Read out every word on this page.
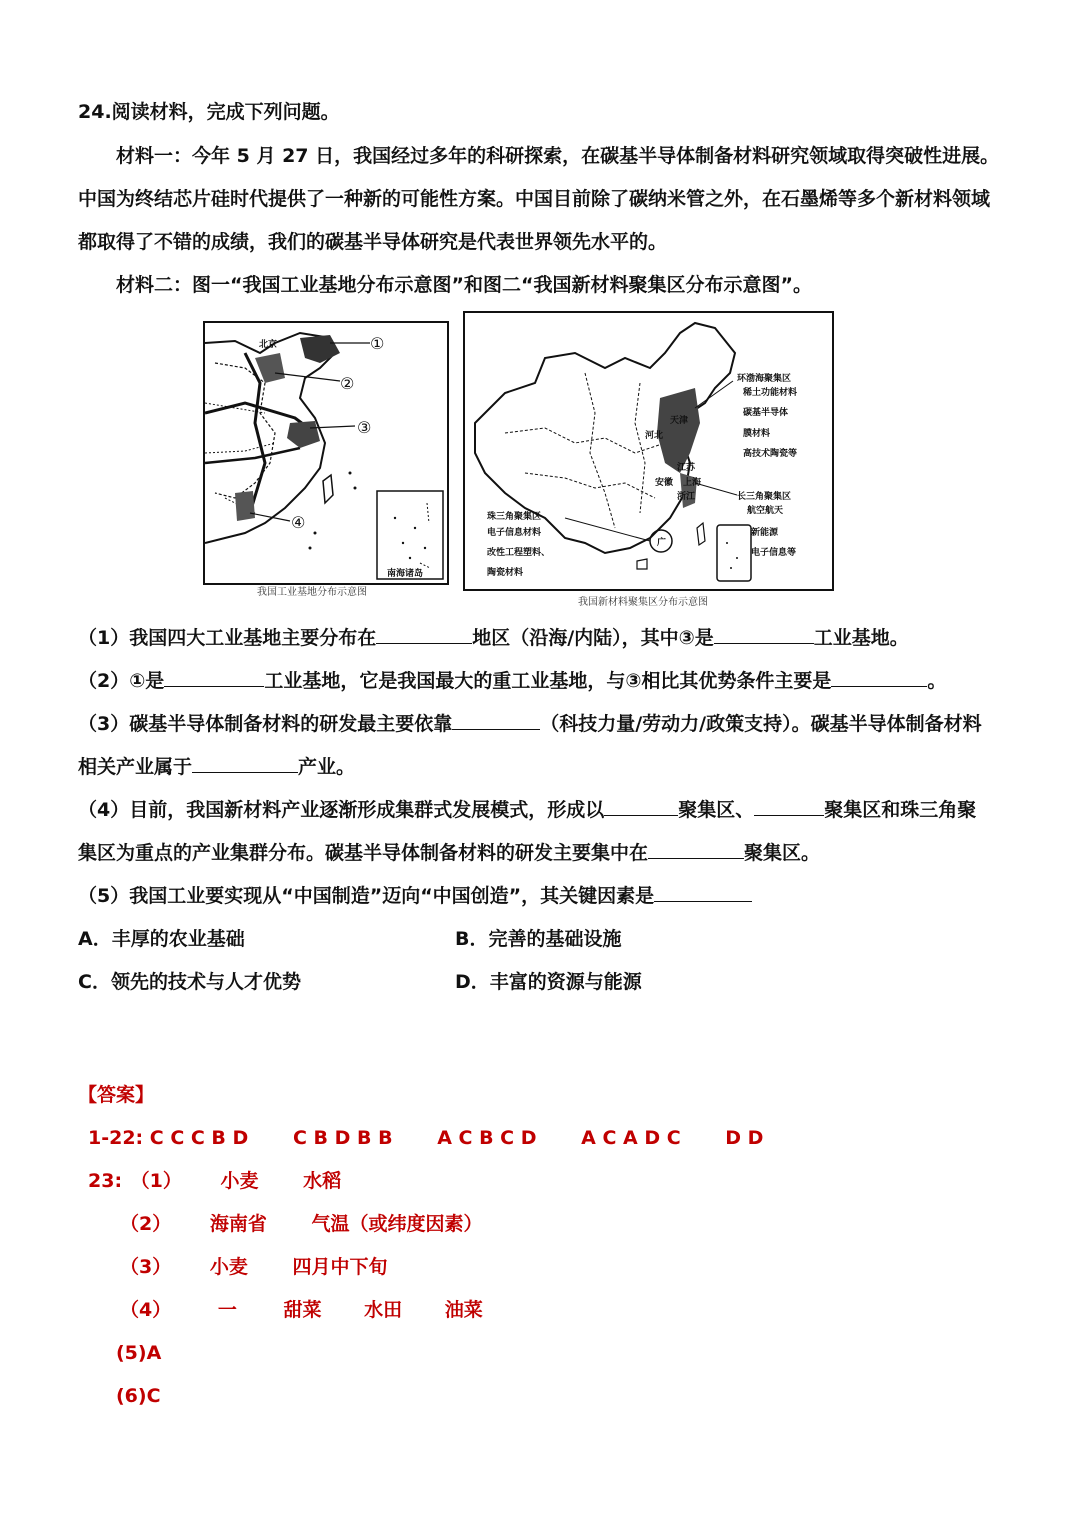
24.阅读材料，完成下列问题。
材料一：今年 5 月 27 日，我国经过多年的科研探索，在碳基半导体制备材料研究领域取得突破性进展。
中国为终结芯片硅时代提供了一种新的可能性方案。中国目前除了碳纳米管之外，在石墨烯等多个新材料领域
都取得了不错的成绩，我们的碳基半导体研究是代表世界领先水平的。
材料二：图一“我国工业基地分布示意图”和图二“我国新材料聚集区分布示意图”。
北京	①
②
③
④
南海诸岛
我国工业基地分布示意图
天津
河北
江苏
安徽 上海
浙江
广
环渤海聚集区
稀土功能材料
碳基半导体
膜材料
高技术陶瓷等
长三角聚集区
航空航天
新能源
电子信息等
珠三角聚集区
电子信息材料
改性工程塑料、
陶瓷材料
我国新材料聚集区分布示意图
（1）我国四大工业基地主要分布在	地区（沿海/内陆），其中③是	工业基地。
（2）①是	工业基地，它是我国最大的重工业基地，与③相比其优势条件主要是	。
（3）碳基半导体制备材料的研发最主要依靠	（科技力量/劳动力/政策支持）。碳基半导体制备材料
相关产业属于	产业。
（4）目前，我国新材料产业逐渐形成集群式发展模式，形成以	聚集区、	聚集区和珠三角聚
集区为重点的产业集群分布。碳基半导体制备材料的研发主要集中在	聚集区。
（5）我国工业要实现从“中国制造”迈向“中国创造”，其关键因素是
A．丰厚的农业基础	B．完善的基础设施
C．领先的技术与人才优势	D．丰富的资源与能源
【答案】
1-22: C C C B D C B D B B A C B C D A C A D C D D
23: （1） 小麦 水稻
（2） 海南省 气温（或纬度因素）
（3） 小麦 四月中下旬
（4） 一 甜菜 水田 油菜
(5)A
(6)C
